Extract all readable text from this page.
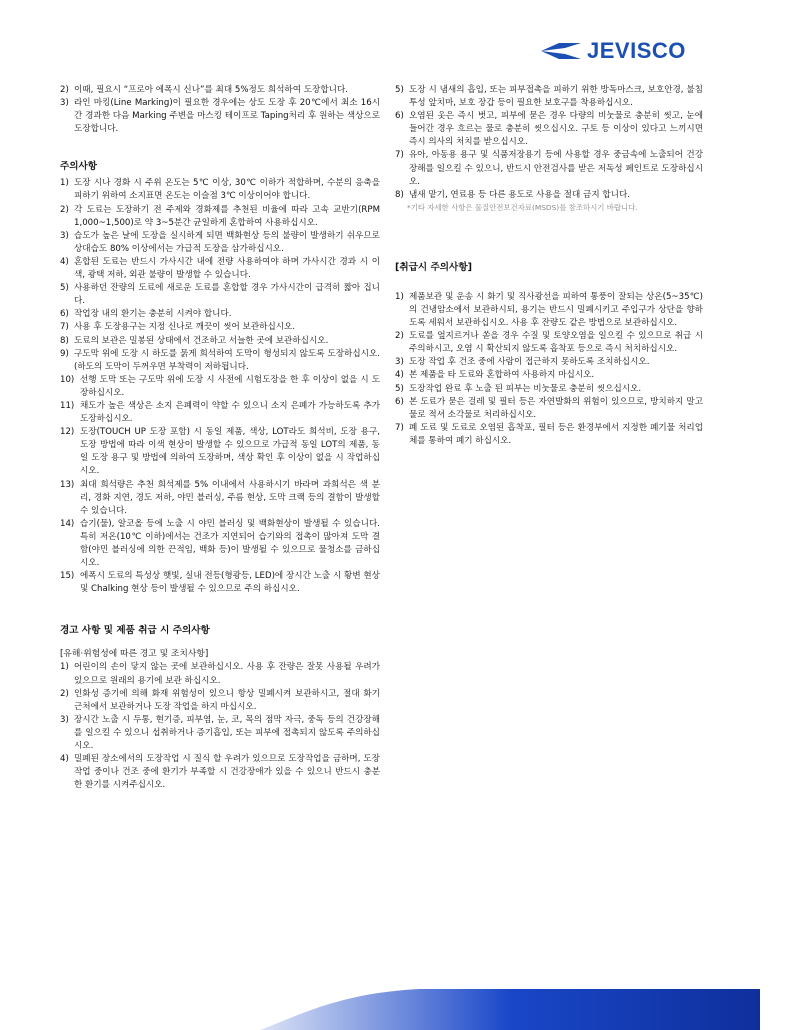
JEVISCO
2) 이때, 필요시 “프로아 에폭시 신나”를 최대 5%정도 희석하여 도장합니다.
3) 라인 마킹(Line Marking)이 필요한 경우에는 상도 도장 후 20℃에서 최소 16시간 경과한 다음 Marking 주변을 마스킹 테이프로 Taping처리 후 원하는 색상으로 도장합니다.
주의사항
1) 도장 시나 경화 시 주위 온도는 5℃ 이상, 30℃ 이하가 적합하며, 수분의 응축을 피하기 위하여 소지표면 온도는 이슬점 3℃ 이상이어야 합니다.
2) 각 도료는 도장하기 전 주제와 경화제를 추천된 비율에 따라 고속 교반기(RPM 1,000~1,500)로 약 3~5분간 균일하게 혼합하여 사용하십시오.
3) 습도가 높은 날에 도장을 실시하게 되면 백화현상 등의 불량이 발생하기 쉬우므로 상대습도 80% 이상에서는 가급적 도장을 삼가하십시오.
4) 혼합된 도료는 반드시 가사시간 내에 전량 사용하여야 하며 가사시간 경과 시 이색, 광택 저하, 외관 불량이 발생할 수 있습니다.
5) 사용하던 잔량의 도료에 새로운 도료를 혼합할 경우 가사시간이 급격히 짧아 집니다.
6) 작업장 내의 환기는 충분히 시켜야 합니다.
7) 사용 후 도장용구는 지정 신나로 깨끗이 씻어 보관하십시오.
8) 도료의 보관은 밀봉된 상태에서 건조하고 서늘한 곳에 보관하십시오.
9) 구도막 위에 도장 시 하도를 묽게 희석하여 도막이 형성되지 않도록 도장하십시오. (하도의 도막이 두꺼우면 부착력이 저하됩니다.
10) 선행 도막 또는 구도막 위에 도장 시 사전에 시험도장을 한 후 이상이 없을 시 도장하십시오.
11) 채도가 높은 색상은 소지 은폐력이 약할 수 있으니 소지 은폐가 가능하도록 추가 도장하십시오.
12) 도장(TOUCH UP 도장 포함) 시 동일 제품, 색상, LOT라도 희석비, 도장 용구, 도장 방법에 따라 이색 현상이 발생할 수 있으므로 가급적 동일 LOT의 제품, 동일 도장 용구 및 방법에 의하여 도장하며, 색상 확인 후 이상이 없을 시 작업하십시오.
13) 최대 희석량은 추천 희석제를 5% 이내에서 사용하시기 바라며 과희석은 색 분리, 경화 지연, 경도 저하, 야민 블러싱, 주름 현상, 도막 크랙 등의 결함이 발생할 수 있습니다.
14) 습기(물), 알코올 등에 노출 시 야민 블러싱 및 백화현상이 발생될 수 있습니다. 특히 저온(10℃ 이하)에서는 건조가 지연되어 습기와의 접촉이 많아져 도막 결함(야민 블러싱에 의한 끈적임, 백화 등)이 발생될 수 있으므로 물청소를 금하십시오.
15) 에폭시 도료의 특성상 햇빛, 실내 전등(형광등, LED)에 장시간 노출 시 황변 현상 및 Chalking 현상 등이 발생될 수 있으므로 주의 하십시오.
경고 사항 및 제품 취급 시 주의사항
[유해·위험성에 따른 경고 및 조치사항]
1) 어린이의 손이 닿지 않는 곳에 보관하십시오. 사용 후 잔량은 잘못 사용될 우려가 있으므로 원래의 용기에 보관 하십시오.
2) 인화성 증기에 의해 화재 위험성이 있으니 항상 밀폐시켜 보관하시고, 절대 화기 근처에서 보관하거나 도장 작업을 하지 마십시오.
3) 장시간 노출 시 두통, 현기증, 피부염, 눈, 코, 목의 점막 자극, 중독 등의 건강장해를 일으킬 수 있으니 섭취하거나 증기흡입, 또는 피부에 접촉되지 않도록 주의하십시오.
4) 밀폐된 장소에서의 도장작업 시 질식 할 우려가 있으므로 도장작업을 금하며, 도장작업 중이나 건조 중에 환기가 부족할 시 건강장애가 있을 수 있으니 반드시 충분한 환기를 시켜주십시오.
5) 도장 시 냄새의 흡입, 또는 피부접촉을 피하기 위한 방독마스크, 보호안경, 불침투성 앞치마, 보호 장갑 등이 필요한 보호구를 착용하십시오.
6) 오염된 옷은 즉시 벗고, 피부에 묻은 경우 다량의 비눗물로 충분히 씻고, 눈에 들어간 경우 흐르는 물로 충분히 씻으십시오. 구토 등 이상이 있다고 느끼시면 즉시 의사의 처치를 받으십시오.
7) 유아, 아동용 용구 및 식품저장용기 등에 사용할 경우 중금속에 노출되어 건강장해를 일으킬 수 있으니, 반드시 안전검사를 받은 저독성 페인트로 도장하십시오.
8) 냄새 맡기, 연료용 등 다른 용도로 사용을 절대 금지 합니다.
*기타 자세한 사항은 물질안전보건자료(MSDS)를 참조하시기 바랍니다.
[취급시 주의사항]
1) 제품보관 및 운송 시 화기 및 직사광선을 피하여 통풍이 잘되는 상온(5~35℃)의 건냉암소에서 보관하시되, 용기는 반드시 밀폐시키고 주입구가 상단을 향하도록 세워서 보관하십시오. 사용 후 잔량도 같은 방법으로 보관하십시오.
2) 도료를 엎지르거나 쏟을 경우 수질 및 토양오염을 일으킬 수 있으므로 취급 시 주의하시고, 오염 시 확산되지 않도록 흡착포 등으로 즉시 처치하십시오.
3) 도장 작업 후 건조 중에 사람이 접근하지 못하도록 조치하십시오.
4) 본 제품을 타 도료와 혼합하여 사용하지 마십시오.
5) 도장작업 완료 후 노출 된 피부는 비눗물로 충분히 씻으십시오.
6) 본 도료가 묻은 걸레 및 필터 등은 자연발화의 위험이 있으므로, 방치하지 말고 물로 적셔 소각물로 처리하십시오.
7) 폐 도료 및 도료로 오염된 흡착포, 필터 등은 환경부에서 지정한 폐기물 처리업체를 통하여 폐기 하십시오.
